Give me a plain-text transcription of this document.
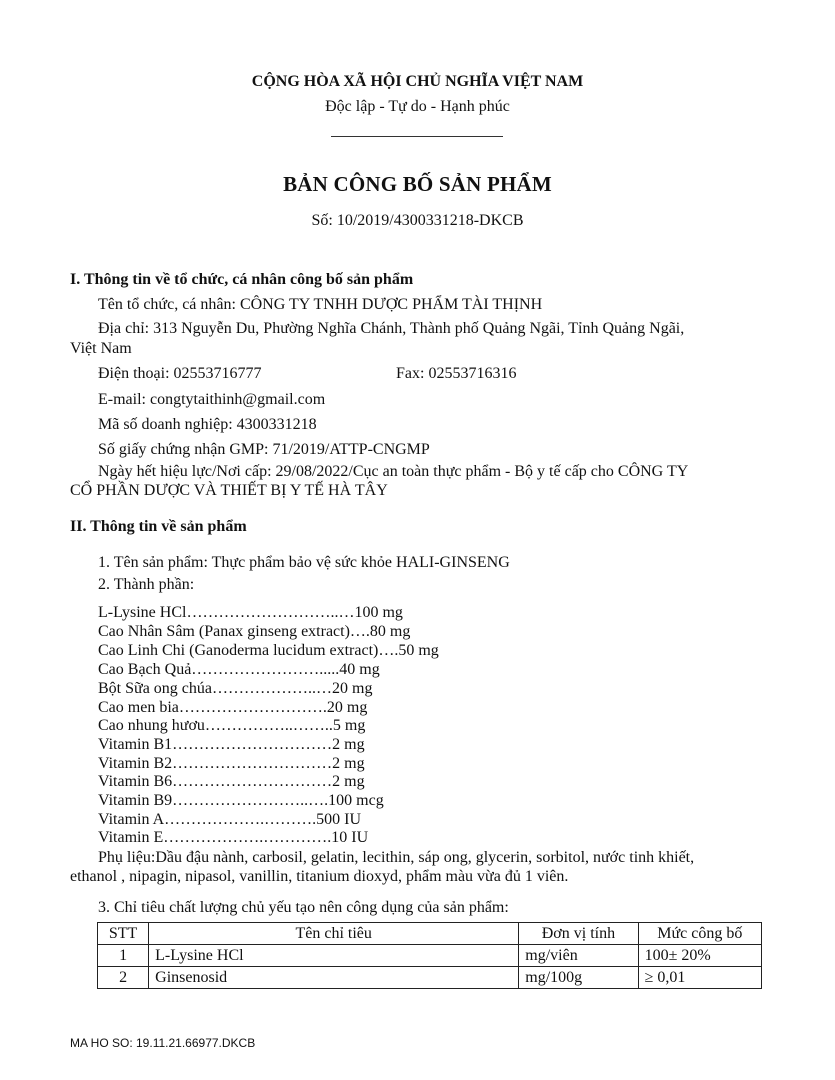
CỘNG HÒA XÃ HỘI CHỦ NGHĨA VIỆT NAM
Độc lập - Tự do - Hạnh phúc
BẢN CÔNG BỐ SẢN PHẨM
Số: 10/2019/4300331218-DKCB
I. Thông tin về tổ chức, cá nhân công bố sản phẩm
Tên tổ chức, cá nhân: CÔNG TY TNHH DƯỢC PHẨM TÀI THỊNH
Địa chỉ: 313 Nguyễn Du, Phường Nghĩa Chánh, Thành phố Quảng Ngãi, Tỉnh Quảng Ngãi,
Việt Nam
Điện thoại: 02553716777	Fax: 02553716316
E-mail: congtytaithinh@gmail.com
Mã số doanh nghiệp: 4300331218
Số giấy chứng nhận GMP: 71/2019/ATTP-CNGMP
Ngày hết hiệu lực/Nơi cấp: 29/08/2022/Cục an toàn thực phẩm - Bộ y tế cấp cho CÔNG TY
CỔ PHẦN DƯỢC VÀ THIẾT BỊ Y TẾ HÀ TÂY
II. Thông tin về sản phẩm
1. Tên sản phẩm: Thực phẩm bảo vệ sức khỏe HALI-GINSENG
2. Thành phần:
L-Lysine HCl………………………..…100 mg
Cao Nhân Sâm (Panax ginseng extract)….80 mg
Cao Linh Chi (Ganoderma lucidum extract)….50 mg
Cao Bạch Quả…………………….....40 mg
Bột Sữa ong chúa………………..…20 mg
Cao men bia……………………….20 mg
Cao nhung hươu……………..……..5 mg
Vitamin B1…………………………2 mg
Vitamin B2…………………………2 mg
Vitamin B6…………………………2 mg
Vitamin B9……………………..….100 mcg
Vitamin A……………….……….500 IU
Vitamin E……………….………….10 IU
Phụ liệu:Dầu đậu nành, carbosil, gelatin, lecithin, sáp ong, glycerin, sorbitol, nước tinh khiết,
ethanol , nipagin, nipasol, vanillin, titanium dioxyd, phẩm màu vừa đủ 1 viên.
3. Chỉ tiêu chất lượng chủ yếu tạo nên công dụng của sản phẩm:
STT	Tên chỉ tiêu	Đơn vị tính	Mức công bố
1	L-Lysine HCl	mg/viên	100± 20%
2	Ginsenosid	mg/100g	≥ 0,01
MA HO SO: 19.11.21.66977.DKCB
